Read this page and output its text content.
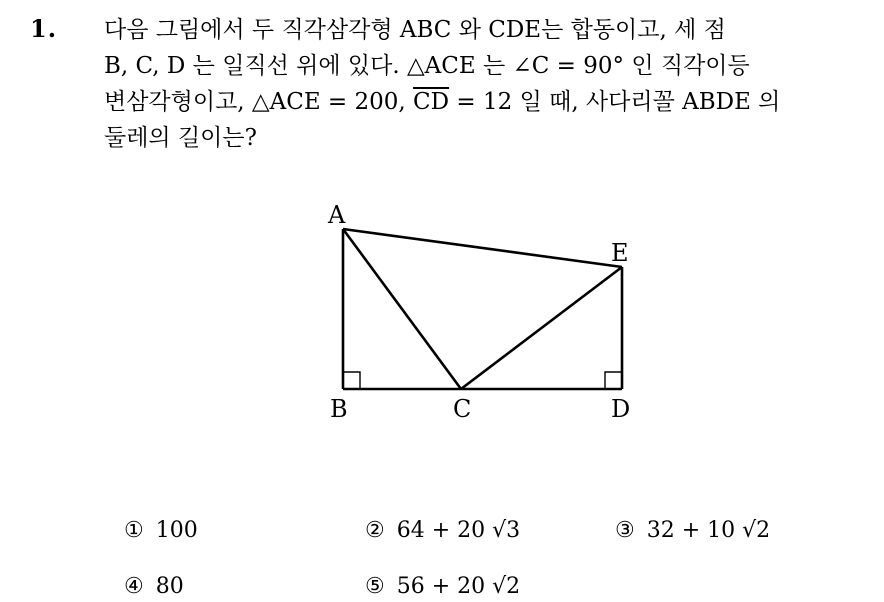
1. 다음 그림에서 두 직각삼각형 ABC 와 CDE는 합동이고, 세 점

B, C, D 는 일직선 위에 있다. △ACE 는 ∠C = 90° 인 직각이등

변삼각형이고, △ACE = 200, $\overline{CD} = 12$ 일 때, 사다리꼴 ABDE 의

둘레의 길이는?

A
E
B	C	D
① 100	② 64 + 20 √3	③ 32 + 10 √2
④ 80	⑤ 56 + 20 √2
